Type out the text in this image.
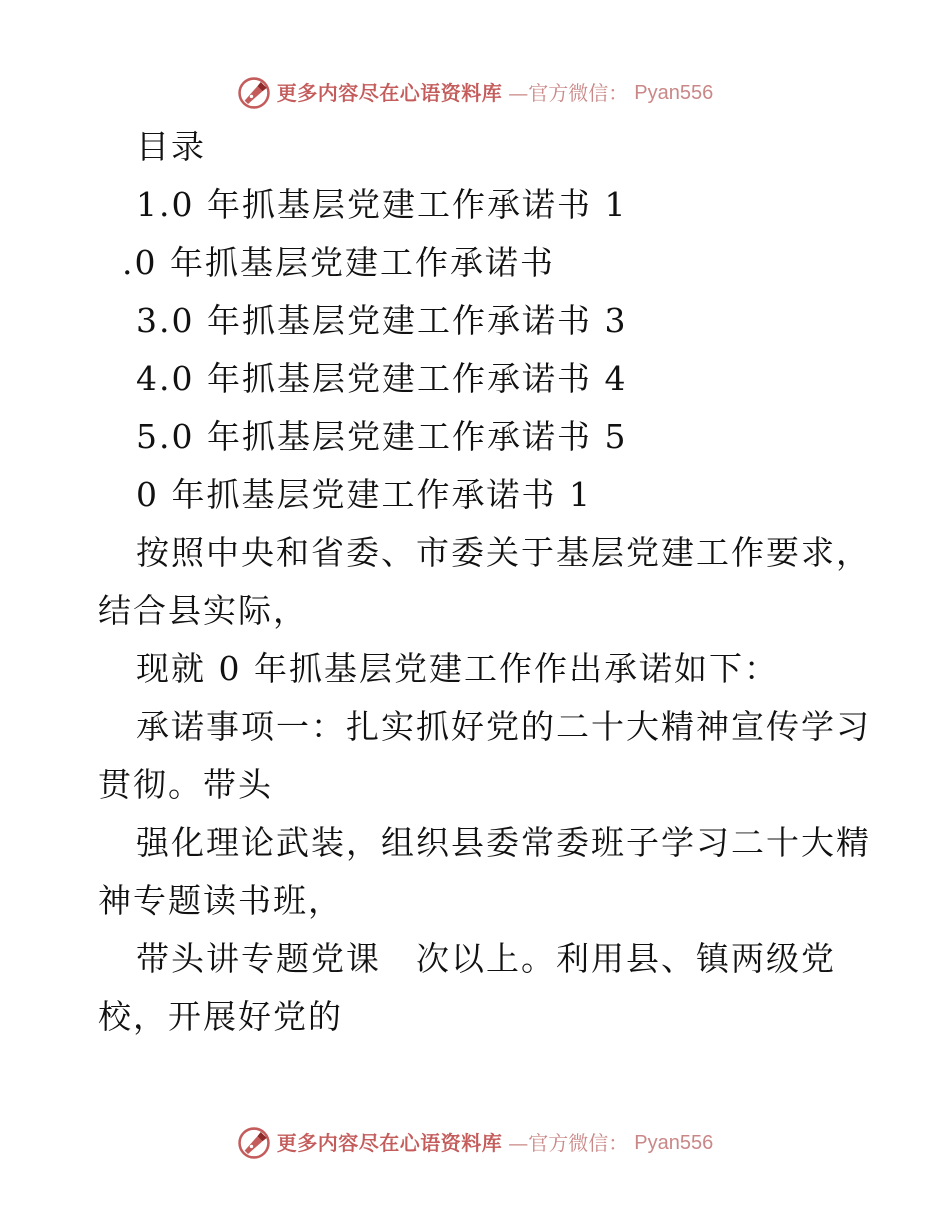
更多内容尽在心语资料库 —官方微信： Pyan556
目录
1.0 年抓基层党建工作承诺书 1
.0 年抓基层党建工作承诺书
3.0 年抓基层党建工作承诺书 3
4.0 年抓基层党建工作承诺书 4
5.0 年抓基层党建工作承诺书 5
0 年抓基层党建工作承诺书 1
按照中央和省委、市委关于基层党建工作要求，
结合县实际，
现就 0 年抓基层党建工作作出承诺如下：
承诺事项一：扎实抓好党的二十大精神宣传学习
贯彻。带头
强化理论武装，组织县委常委班子学习二十大精
神专题读书班，
带头讲专题党课　次以上。利用县、镇两级党
校，开展好党的
更多内容尽在心语资料库 —官方微信： Pyan556
